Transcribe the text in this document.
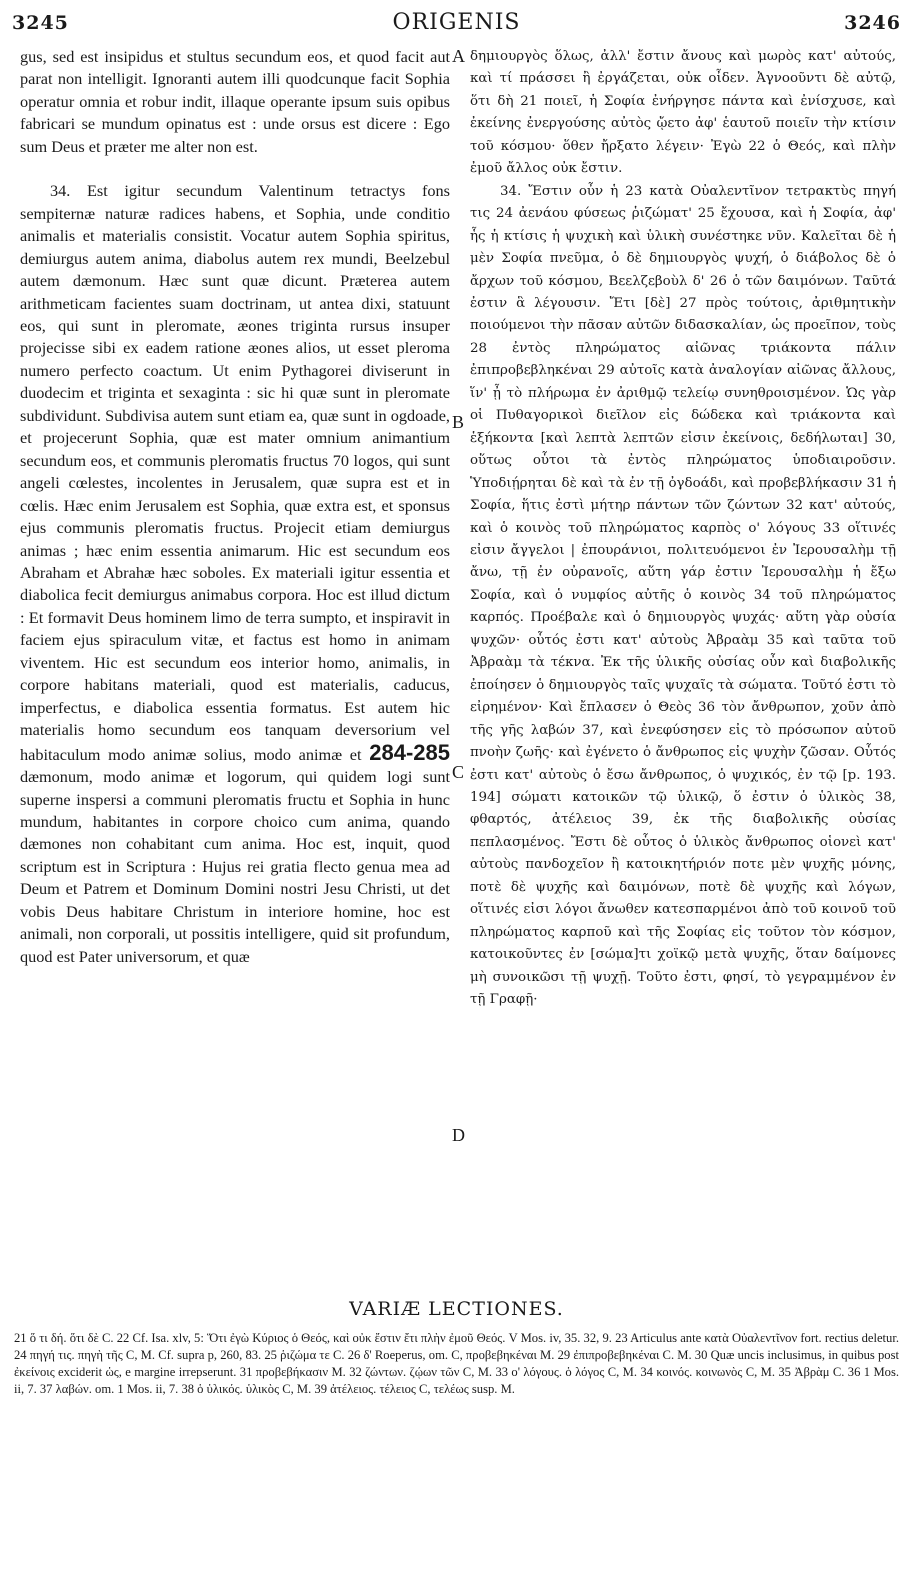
3245	ORIGENIS	3246

gus, sed est insipidus et stultus secundum eos, et quod facit aut parat non intelligit. Ignoranti autem illi quodcunque facit Sophia operatur omnia et robur indit, illaque operante ipsum suis opibus fabricari se mundum opinatus est : unde orsus est dicere : Ego sum Deus et præter me alter non est.

34. Est igitur secundum Valentinum tetractys fons sempiternæ naturæ radices habens, et Sophia, unde conditio animalis et materialis consistit. Vocatur autem Sophia spiritus, demiurgus autem anima, diabolus autem rex mundi, Beelzebul autem dæmonum. Hæc sunt quæ dicunt. Præterea autem arithmeticam facientes suam doctrinam, ut antea dixi, statuunt eos, qui sunt in pleromate, æones triginta rursus insuper projecisse sibi ex eadem ratione æones alios, ut esset pleroma numero perfecto coactum. Ut enim Pythagorei diviserunt in duodecim et triginta et sexaginta : sic hi quæ sunt in pleromate subdividunt. Subdivisa autem sunt etiam ea, quæ sunt in ogdoade, et projecerunt Sophia, quæ est mater omnium animantium secundum eos, et communis pleromatis fructus 70 logos, qui sunt angeli cœlestes, incolentes in Jerusalem, quæ supra est et in cœlis. Hæc enim Jerusalem est Sophia, quæ extra est, et sponsus ejus communis pleromatis fructus. Projecit etiam demiurgus animas ; hæc enim essentia animarum. Hic est secundum eos Abraham et Abrahæ hæc soboles. Ex materiali igitur essentia et diabolica fecit demiurgus animabus corpora. Hoc est illud dictum : Et formavit Deus hominem limo de terra sumpto, et inspiravit in faciem ejus spiraculum vitæ, et factus est homo in animam viventem. Hic est secundum eos interior homo, animalis, in corpore habitans materiali, quod est materialis, caducus, imperfectus, e diabolica essentia formatus. Est autem hic materialis homo secundum eos tanquam deversorium vel habitaculum modo animæ solius, modo animæ et 284-285 dæmonum, modo animæ et logorum, qui quidem logi sunt superne inspersi a communi pleromatis fructu et Sophia in hunc mundum, habitantes in corpore choico cum anima, quando dæmones non cohabitant cum anima. Hoc est, inquit, quod scriptum est in Scriptura : Hujus rei gratia flecto genua mea ad Deum et Patrem et Dominum Domini nostri Jesu Christi, ut det vobis Deus habitare Christum in interiore homine, hoc est animali, non corporali, ut possitis intelligere, quid sit profundum, quod est Pater universorum, et quæ

A
B
C
D

δημιουργὸς ὅλως, ἀλλ' ἔστιν ἄνους καὶ μωρὸς κατ' αὐτούς, καὶ τί πράσσει ἢ ἐργάζεται, οὐκ οἶδεν. Ἀγνοοῦντι δὲ αὐτῷ, ὅτι δὴ 21 ποιεῖ, ἡ Σοφία ἐνήργησε πάντα καὶ ἐνίσχυσε, καὶ ἐκείνης ἐνεργούσης αὐτὸς ᾤετο ἀφ' ἑαυτοῦ ποιεῖν τὴν κτίσιν τοῦ κόσμου· ὅθεν ἤρξατο λέγειν· Ἐγὼ 22 ὁ Θεός, καὶ πλὴν ἐμοῦ ἄλλος οὐκ ἔστιν.

34. Ἔστιν οὖν ἡ 23 κατὰ Οὐαλεντῖνον τετρακτὺς πηγή τις 24 ἀενάου φύσεως ῥιζώματ' 25 ἔχουσα, καὶ ἡ Σοφία, ἀφ' ἧς ἡ κτίσις ἡ ψυχικὴ καὶ ὑλικὴ συνέστηκε νῦν. Καλεῖται δὲ ἡ μὲν Σοφία πνεῦμα, ὁ δὲ δημιουργὸς ψυχή, ὁ διάβολος δὲ ὁ ἄρχων τοῦ κόσμου, Βεελζεβοὺλ δ' 26 ὁ τῶν δαιμόνων. Ταῦτά ἐστιν ἃ λέγουσιν. Ἔτι [δὲ] 27 πρὸς τούτοις, ἀριθμητικὴν ποιούμενοι τὴν πᾶσαν αὐτῶν διδασκαλίαν, ὡς προεῖπον, τοὺς 28 ἐντὸς πληρώματος αἰῶνας τριάκοντα πάλιν ἐπιπροβεβληκέναι 29 αὐτοῖς κατὰ ἀναλογίαν αἰῶνας ἄλλους, ἵν' ᾖ τὸ πλήρωμα ἐν ἀριθμῷ τελείῳ συνηθροισμένον. Ὡς γὰρ οἱ Πυθαγορικοὶ διεῖλον εἰς δώδεκα καὶ τριάκοντα καὶ ἑξήκοντα [καὶ λεπτὰ λεπτῶν εἰσιν ἐκείνοις, δεδήλωται] 30, οὕτως οὗτοι τὰ ἐντὸς πληρώματος ὑποδιαιροῦσιν. Ὑποδιῄρηται δὲ καὶ τὰ ἐν τῇ ὀγδοάδι, καὶ προβεβλήκασιν 31 ἡ Σοφία, ἥτις ἐστὶ μήτηρ πάντων τῶν ζώντων 32 κατ' αὐτούς, καὶ ὁ κοινὸς τοῦ πληρώματος καρπὸς ο' λόγους 33 οἵτινές εἰσιν ἄγγελοι | ἐπουράνιοι, πολιτευόμενοι ἐν Ἰερουσαλὴμ τῇ ἄνω, τῇ ἐν οὐρανοῖς, αὕτη γάρ ἐστιν Ἰερουσαλὴμ ἡ ἔξω Σοφία, καὶ ὁ νυμφίος αὐτῆς ὁ κοινὸς 34 τοῦ πληρώματος καρπός. Προέβαλε καὶ ὁ δημιουργὸς ψυχάς· αὕτη γὰρ οὐσία ψυχῶν· οὗτός ἐστι κατ' αὐτοὺς Ἀβραὰμ 35 καὶ ταῦτα τοῦ Ἀβραὰμ τὰ τέκνα. Ἐκ τῆς ὑλικῆς οὐσίας οὖν καὶ διαβολικῆς ἐποίησεν ὁ δημιουργὸς ταῖς ψυχαῖς τὰ σώματα. Τοῦτό ἐστι τὸ εἰρημένον· Καὶ ἔπλασεν ὁ Θεὸς 36 τὸν ἄνθρωπον, χοῦν ἀπὸ τῆς γῆς λαβών 37, καὶ ἐνεφύσησεν εἰς τὸ πρόσωπον αὐτοῦ πνοὴν ζωῆς· καὶ ἐγένετο ὁ ἄνθρωπος εἰς ψυχὴν ζῶσαν. Οὗτός ἐστι κατ' αὐτοὺς ὁ ἔσω ἄνθρωπος, ὁ ψυχικός, ἐν τῷ [p. 193. 194] σώματι κατοικῶν τῷ ὑλικῷ, ὅ ἐστιν ὁ ὑλικὸς 38, φθαρτός, ἀτέλειος 39, ἐκ τῆς διαβολικῆς οὐσίας πεπλασμένος. Ἔστι δὲ οὗτος ὁ ὑλικὸς ἄνθρωπος οἱονεὶ κατ' αὐτοὺς πανδοχεῖον ἢ κατοικητήριόν ποτε μὲν ψυχῆς μόνης, ποτὲ δὲ ψυχῆς καὶ δαιμόνων, ποτὲ δὲ ψυχῆς καὶ λόγων, οἵτινές εἰσι λόγοι ἄνωθεν κατεσπαρμένοι ἀπὸ τοῦ κοινοῦ τοῦ πληρώματος καρποῦ καὶ τῆς Σοφίας εἰς τοῦτον τὸν κόσμον, κατοικοῦντες ἐν [σώμα]τι χοϊκῷ μετὰ ψυχῆς, ὅταν δαίμονες μὴ συνοικῶσι τῇ ψυχῇ. Τοῦτο ἐστι, φησί, τὸ γεγραμμένον ἐν τῇ Γραφῇ·

VARIÆ LECTIONES.
21 ὅ τι δή. ὅτι δὲ C. 22 Cf. Isa. xlv, 5: Ὅτι ἐγὼ Κύριος ὁ Θεός, καὶ οὐκ ἔστιν ἔτι πλὴν ἐμοῦ Θεός. V Mos. iv, 35. 32, 9. 23 Articulus ante κατὰ Οὐαλεντῖνον fort. rectius deletur. 24 πηγή τις. πηγὴ τῆς C, M. Cf. supra p, 260, 83. 25 ῥιζώμα τε C. 26 δ' Roeperus, om. C, προβεβηκέναι M. 29 ἐπιπροβεβηκέναι C. M. 30 Quæ uncis inclusimus, in quibus post ἐκείνοις exciderit ὡς, e margine irrepserunt. 31 προβεβήκασιν M. 32 ζώντων. ζῴων τῶν C, M. 33 ο' λόγους. ὁ λόγος C, M. 34 κοινός. κοινωνὸς C, M. 35 Ἀβρὰμ C. 36 1 Mos. ii, 7. 37 λαβών. om. 1 Mos. ii, 7. 38 ὁ ὑλικός. ὑλικὸς C, M. 39 ἀτέλειος. τέλειος C, τελέως susp. M.
